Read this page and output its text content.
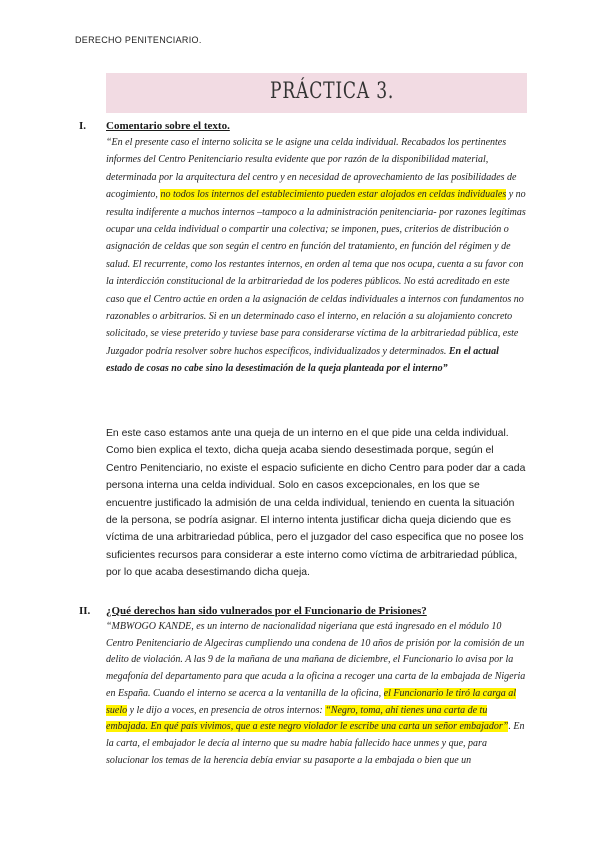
DERECHO PENITENCIARIO.
PRÁCTICA 3.
I. Comentario sobre el texto.
“En el presente caso el interno solicita se le asigne una celda individual. Recabados los pertinentes informes del Centro Penitenciario resulta evidente que por razón de la disponibilidad material, determinada por la arquitectura del centro y en necesidad de aprovechamiento de las posibilidades de acogimiento, no todos los internos del establecimiento pueden estar alojados en celdas individuales y no resulta indiferente a muchos internos –tampoco a la administración penitenciaria- por razones legítimas ocupar una celda individual o compartir una colectiva; se imponen, pues, criterios de distribución o asignación de celdas que son según el centro en función del tratamiento, en función del régimen y de salud. El recurrente, como los restantes internos, en orden al tema que nos ocupa, cuenta a su favor con la interdicción constitucional de la arbitrariedad de los poderes públicos. No está acreditado en este caso que el Centro actúe en orden a la asignación de celdas individuales a internos con fundamentos no razonables o arbitrarios. Si en un determinado caso el interno, en relación a su alojamiento concreto solicitado, se viese preterido y tuviese base para considerarse víctima de la arbitrariedad pública, este Juzgador podría resolver sobre huchos específicos, individualizados y determinados. En el actual estado de cosas no cabe sino la desestimación de la queja planteada por el interno”
En este caso estamos ante una queja de un interno en el que pide una celda individual. Como bien explica el texto, dicha queja acaba siendo desestimada porque, según el Centro Penitenciario, no existe el espacio suficiente en dicho Centro para poder dar a cada persona interna una celda individual. Solo en casos excepcionales, en los que se encuentre justificado la admisión de una celda individual, teniendo en cuenta la situación de la persona, se podría asignar. El interno intenta justificar dicha queja diciendo que es víctima de una arbitrariedad pública, pero el juzgador del caso especifica que no posee los suficientes recursos para considerar a este interno como víctima de arbitrariedad pública, por lo que acaba desestimando dicha queja.
II. ¿Qué derechos han sido vulnerados por el Funcionario de Prisiones?
“MBWOGO KANDE, es un interno de nacionalidad nigeriana que está ingresado en el módulo 10 Centro Penitenciario de Algeciras cumpliendo una condena de 10 años de prisión por la comisión de un delito de violación. A las 9 de la mañana de una mañana de diciembre, el Funcionario lo avisa por la megafonía del departamento para que acuda a la oficina a recoger una carta de la embajada de Nigeria en España. Cuando el interno se acerca a la ventanilla de la oficina, el Funcionario le tiró la carga al suelo y le dijo a voces, en presencia de otros internos: “Negro, toma, ahí tienes una carta de tu embajada. En qué país vivimos, que a este negro violador le escribe una carta un señor embajador”. En la carta, el embajador le decía al interno que su madre había fallecido hace unmes y que, para solucionar los temas de la herencia debía enviar su pasaporte a la embajada o bien que un
